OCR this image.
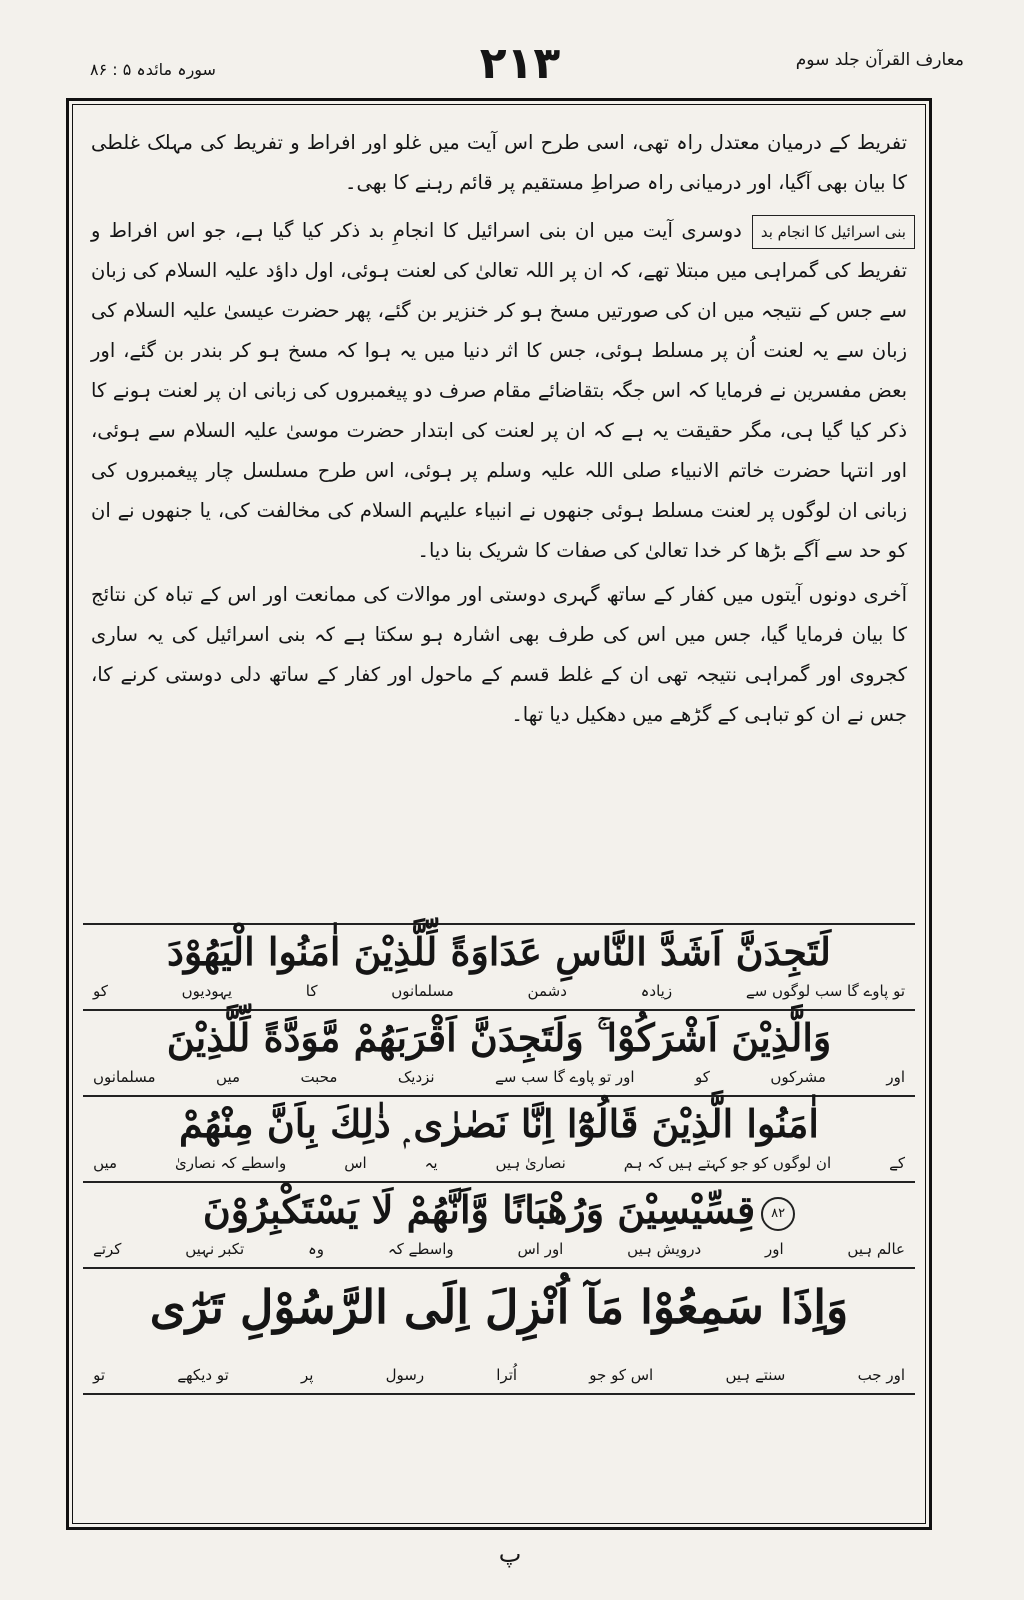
معارف القرآن جلد سوم
۲۱۳
سورہ مائدہ ۵ : ۸۶

تفریط کے درمیان معتدل راہ تھی، اسی طرح اس آیت میں غلو اور افراط و تفریط کی مہلک غلطی کا بیان بھی آگیا، اور درمیانی راہ صراطِ مستقیم پر قائم رہنے کا بھی۔

بنی اسرائیل کا انجام بد

دوسری آیت میں ان بنی اسرائیل کا انجامِ بد ذکر کیا گیا ہے، جو اس افراط و تفریط کی گمراہی میں مبتلا تھے، کہ ان پر اللہ تعالیٰ کی لعنت ہوئی، اول داؤد علیہ السلام کی زبان سے جس کے نتیجہ میں ان کی صورتیں مسخ ہو کر خنزیر بن گئے، پھر حضرت عیسیٰ علیہ السلام کی زبان سے یہ لعنت اُن پر مسلط ہوئی، جس کا اثر دنیا میں یہ ہوا کہ مسخ ہو کر بندر بن گئے، اور بعض مفسرین نے فرمایا کہ اس جگہ بتقاضائے مقام صرف دو پیغمبروں کی زبانی ان پر لعنت ہونے کا ذکر کیا گیا ہی، مگر حقیقت یہ ہے کہ ان پر لعنت کی ابتدار حضرت موسیٰ علیہ السلام سے ہوئی، اور انتہا حضرت خاتم الانبیاء صلی اللہ علیہ وسلم پر ہوئی، اس طرح مسلسل چار پیغمبروں کی زبانی ان لوگوں پر لعنت مسلط ہوئی جنھوں نے انبیاء علیہم السلام کی مخالفت کی، یا جنھوں نے ان کو حد سے آگے بڑھا کر خدا تعالیٰ کی صفات کا شریک بنا دیا۔

آخری دونوں آیتوں میں کفار کے ساتھ گہری دوستی اور موالات کی ممانعت اور اس کے تباہ کن نتائج کا بیان فرمایا گیا، جس میں اس کی طرف بھی اشارہ ہو سکتا ہے کہ بنی اسرائیل کی یہ ساری کجروی اور گمراہی نتیجہ تھی ان کے غلط قسم کے ماحول اور کفار کے ساتھ دلی دوستی کرنے کا، جس نے ان کو تباہی کے گڑھے میں دھکیل دیا تھا۔

لَتَجِدَنَّ اَشَدَّ النَّاسِ عَدَاوَةً لِّلَّذِيْنَ اٰمَنُوا الْيَهُوْدَ
تو پاوے گا سب لوگوں سے
زیادہ
دشمن
مسلمانوں
کا
یہودیوں
کو
وَالَّذِيْنَ اَشْرَكُوْا ۚ وَلَتَجِدَنَّ اَقْرَبَهُمْ مَّوَدَّةً لِّلَّذِيْنَ
اور
مشرکوں
کو
اور تو پاوے گا سب سے
نزدیک
محبت
میں
مسلمانوں
اٰمَنُوا الَّذِيْنَ قَالُوْٓا اِنَّا نَصٰرٰى ۭ ذٰلِكَ بِاَنَّ مِنْهُمْ
کے
ان لوگوں کو جو کہتے ہیں کہ ہم
نصاریٰ ہیں
یہ
اس
واسطے کہ نصاریٰ
میں
۸۲قِسِّيْسِيْنَ وَرُهْبَانًا وَّاَنَّهُمْ لَا يَسْتَكْبِرُوْنَ
عالم ہیں
اور
درویش ہیں
اور اس
واسطے کہ
وہ
تکبر نہیں
کرتے
وَاِذَا سَمِعُوْا مَآ اُنْزِلَ اِلَى الرَّسُوْلِ تَرٰٓى
اور جب
سنتے ہیں
اس کو جو
اُترا
رسول
پر
تو دیکھے
تو
پ
